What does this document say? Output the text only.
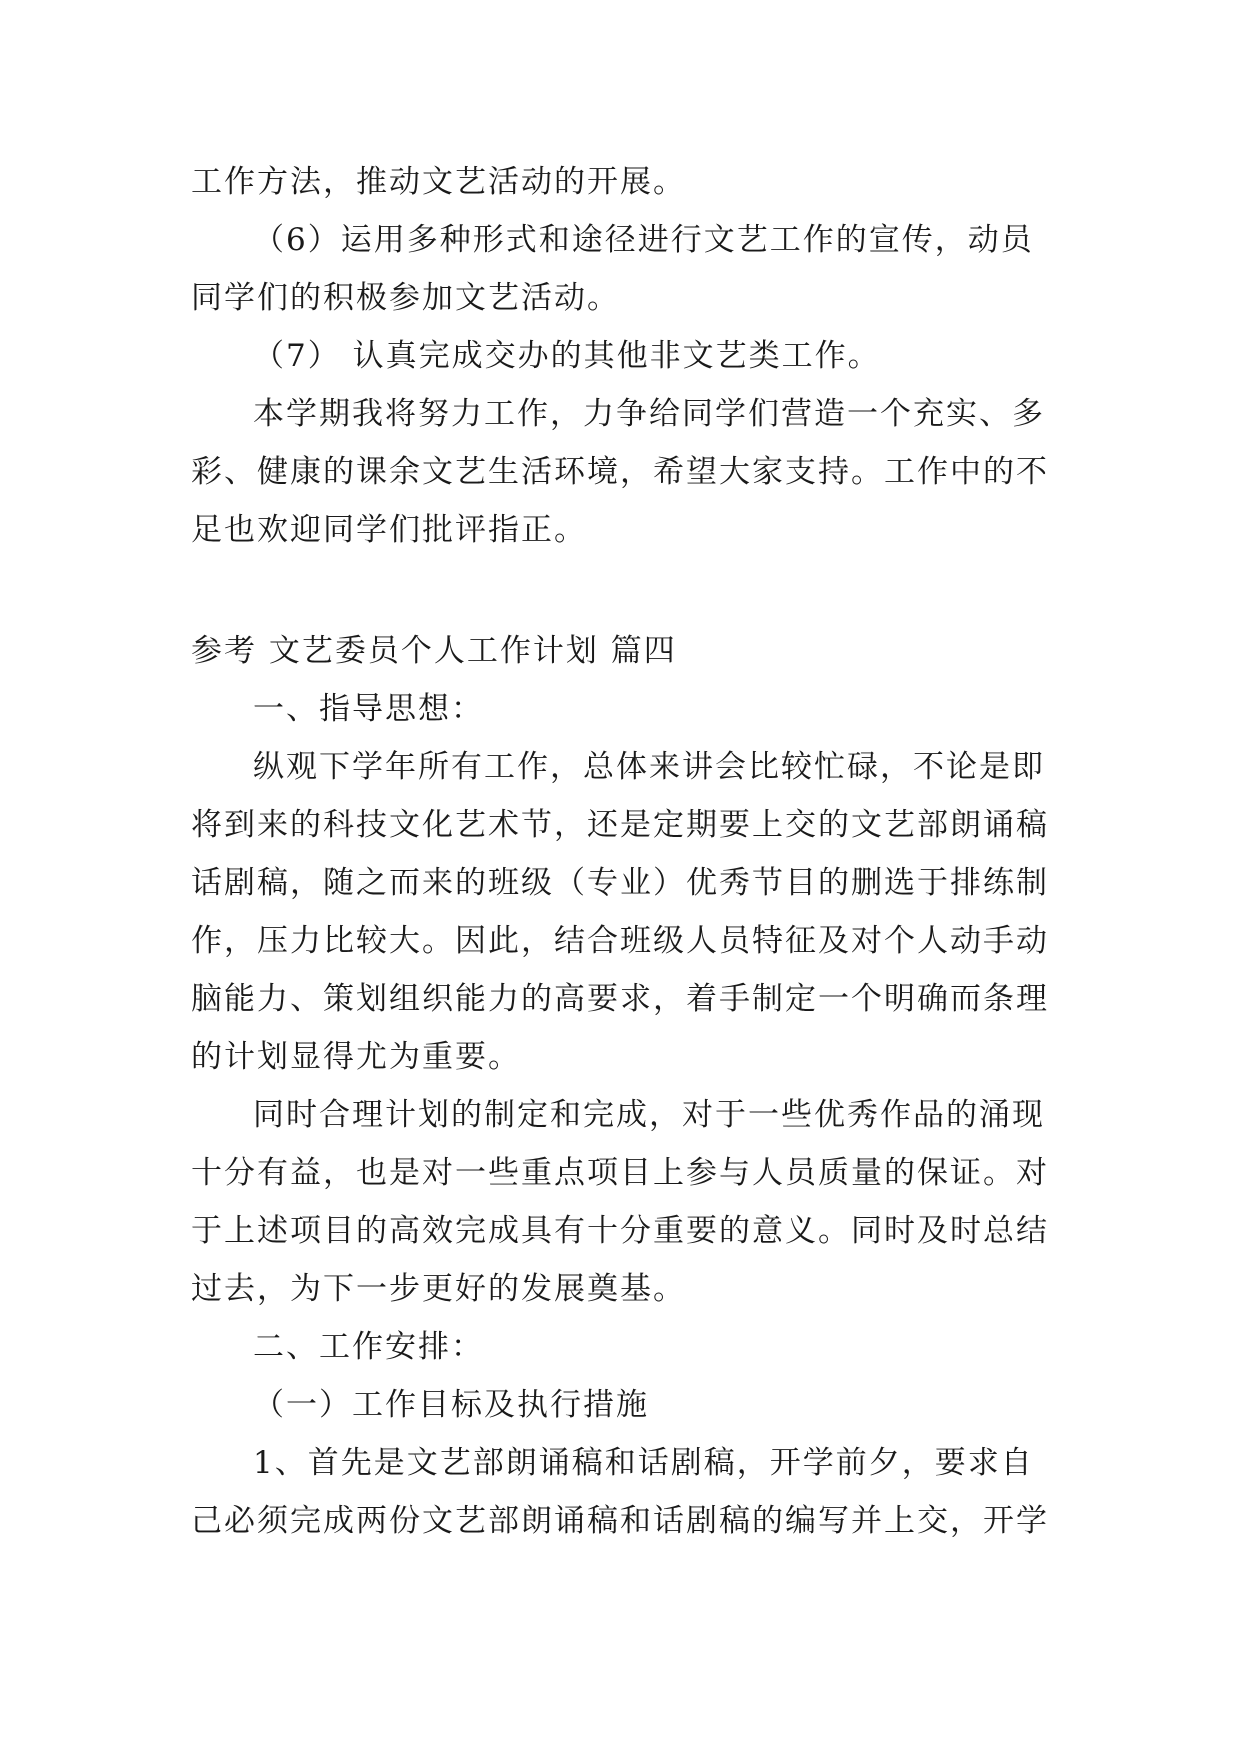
工作方法，推动文艺活动的开展。
（6）运用多种形式和途径进行文艺工作的宣传，动员
同学们的积极参加文艺活动。
（7） 认真完成交办的其他非文艺类工作。
本学期我将努力工作，力争给同学们营造一个充实、多
彩、健康的课余文艺生活环境，希望大家支持。工作中的不
足也欢迎同学们批评指正。
参考 文艺委员个人工作计划 篇四
一、指导思想：
纵观下学年所有工作，总体来讲会比较忙碌，不论是即
将到来的科技文化艺术节，还是定期要上交的文艺部朗诵稿
话剧稿，随之而来的班级（专业）优秀节目的删选于排练制
作，压力比较大。因此，结合班级人员特征及对个人动手动
脑能力、策划组织能力的高要求，着手制定一个明确而条理
的计划显得尤为重要。
同时合理计划的制定和完成，对于一些优秀作品的涌现
十分有益，也是对一些重点项目上参与人员质量的保证。对
于上述项目的高效完成具有十分重要的意义。同时及时总结
过去，为下一步更好的发展奠基。
二、工作安排：
（一）工作目标及执行措施
1、首先是文艺部朗诵稿和话剧稿，开学前夕，要求自
己必须完成两份文艺部朗诵稿和话剧稿的编写并上交，开学
